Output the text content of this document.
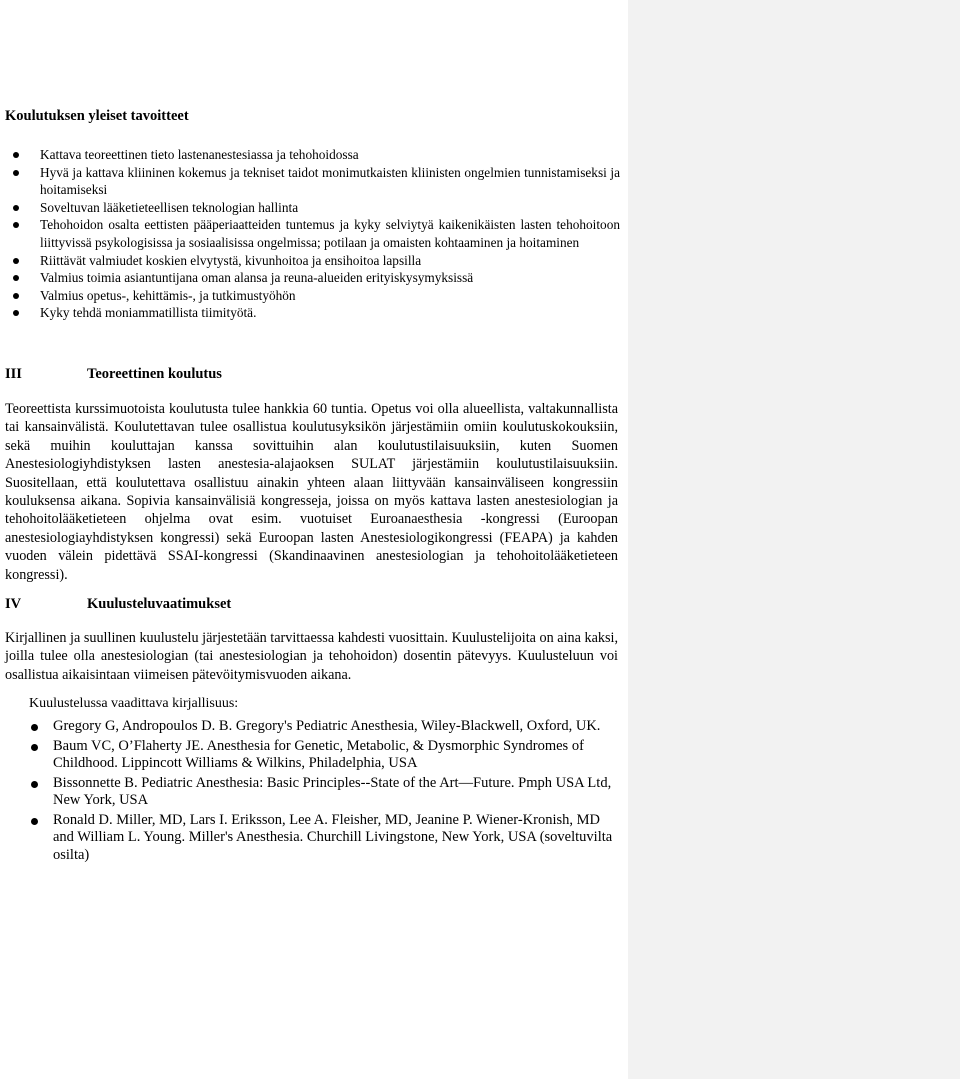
Koulutuksen yleiset tavoitteet
Kattava teoreettinen tieto lastenanestesiassa ja tehohoidossa
Hyvä ja kattava kliininen kokemus ja tekniset taidot monimutkaisten kliinisten ongelmien tunnistamiseksi ja hoitamiseksi
Soveltuvan lääketieteellisen teknologian hallinta
Tehohoidon osalta eettisten pääperiaatteiden tuntemus ja kyky selviytyä kaikenikäisten lasten tehohoitoon liittyvissä psykologisissa ja sosiaalisissa ongelmissa; potilaan ja omaisten kohtaaminen ja hoitaminen
Riittävät valmiudet koskien elvytystä, kivunhoitoa ja ensihoitoa lapsilla
Valmius toimia asiantuntijana oman alansa ja reuna-alueiden erityiskysymyksissä
Valmius opetus-, kehittämis-, ja tutkimustyöhön
Kyky tehdä moniammatillista tiimityötä.
III	Teoreettinen koulutus

Teoreettista kurssimuotoista koulutusta tulee hankkia 60 tuntia. Opetus voi olla alueellista, valtakunnallista tai kansainvälistä. Koulutettavan tulee osallistua koulutusyksikön järjestämiin omiin koulutuskokouksiin, sekä muihin kouluttajan kanssa sovittuihin alan koulutustilaisuuksiin, kuten Suomen Anestesiologiyhdistyksen lasten anestesia-alajaoksen SULAT järjestämiin koulutustilaisuuksiin. Suositellaan, että koulutettava osallistuu ainakin yhteen alaan liittyvään kansainväliseen kongressiin kouluksensa aikana. Sopivia kansainvälisiä kongresseja, joissa on myös kattava lasten anestesiologian ja tehohoitolääketieteen ohjelma ovat esim. vuotuiset Euroanaesthesia -kongressi (Euroopan anestesiologiayhdistyksen kongressi) sekä Euroopan lasten Anestesiologikongressi (FEAPA) ja kahden vuoden välein pidettävä SSAI-kongressi (Skandinaavinen anestesiologian ja tehohoitolääketieteen kongressi).

IV	Kuulusteluvaatimukset

Kirjallinen ja suullinen kuulustelu järjestetään tarvittaessa kahdesti vuosittain. Kuulustelijoita on aina kaksi, joilla tulee olla anestesiologian (tai anestesiologian ja tehohoidon) dosentin pätevyys. Kuulusteluun voi osallistua aikaisintaan viimeisen pätevöitymisvuoden aikana.

Kuulustelussa vaadittava kirjallisuus:
Gregory G, Andropoulos D. B. Gregory's Pediatric Anesthesia, Wiley-Blackwell, Oxford, UK.
Baum VC, O’Flaherty JE. Anesthesia for Genetic, Metabolic, & Dysmorphic Syndromes of Childhood. Lippincott Williams & Wilkins, Philadelphia, USA
Bissonnette B. Pediatric Anesthesia: Basic Principles--State of the Art—Future. Pmph USA Ltd, New York, USA
Ronald D. Miller, MD, Lars I. Eriksson, Lee A. Fleisher, MD, Jeanine P. Wiener-Kronish, MD and William L. Young. Miller's Anesthesia. Churchill Livingstone, New York, USA (soveltuvilta osilta)
